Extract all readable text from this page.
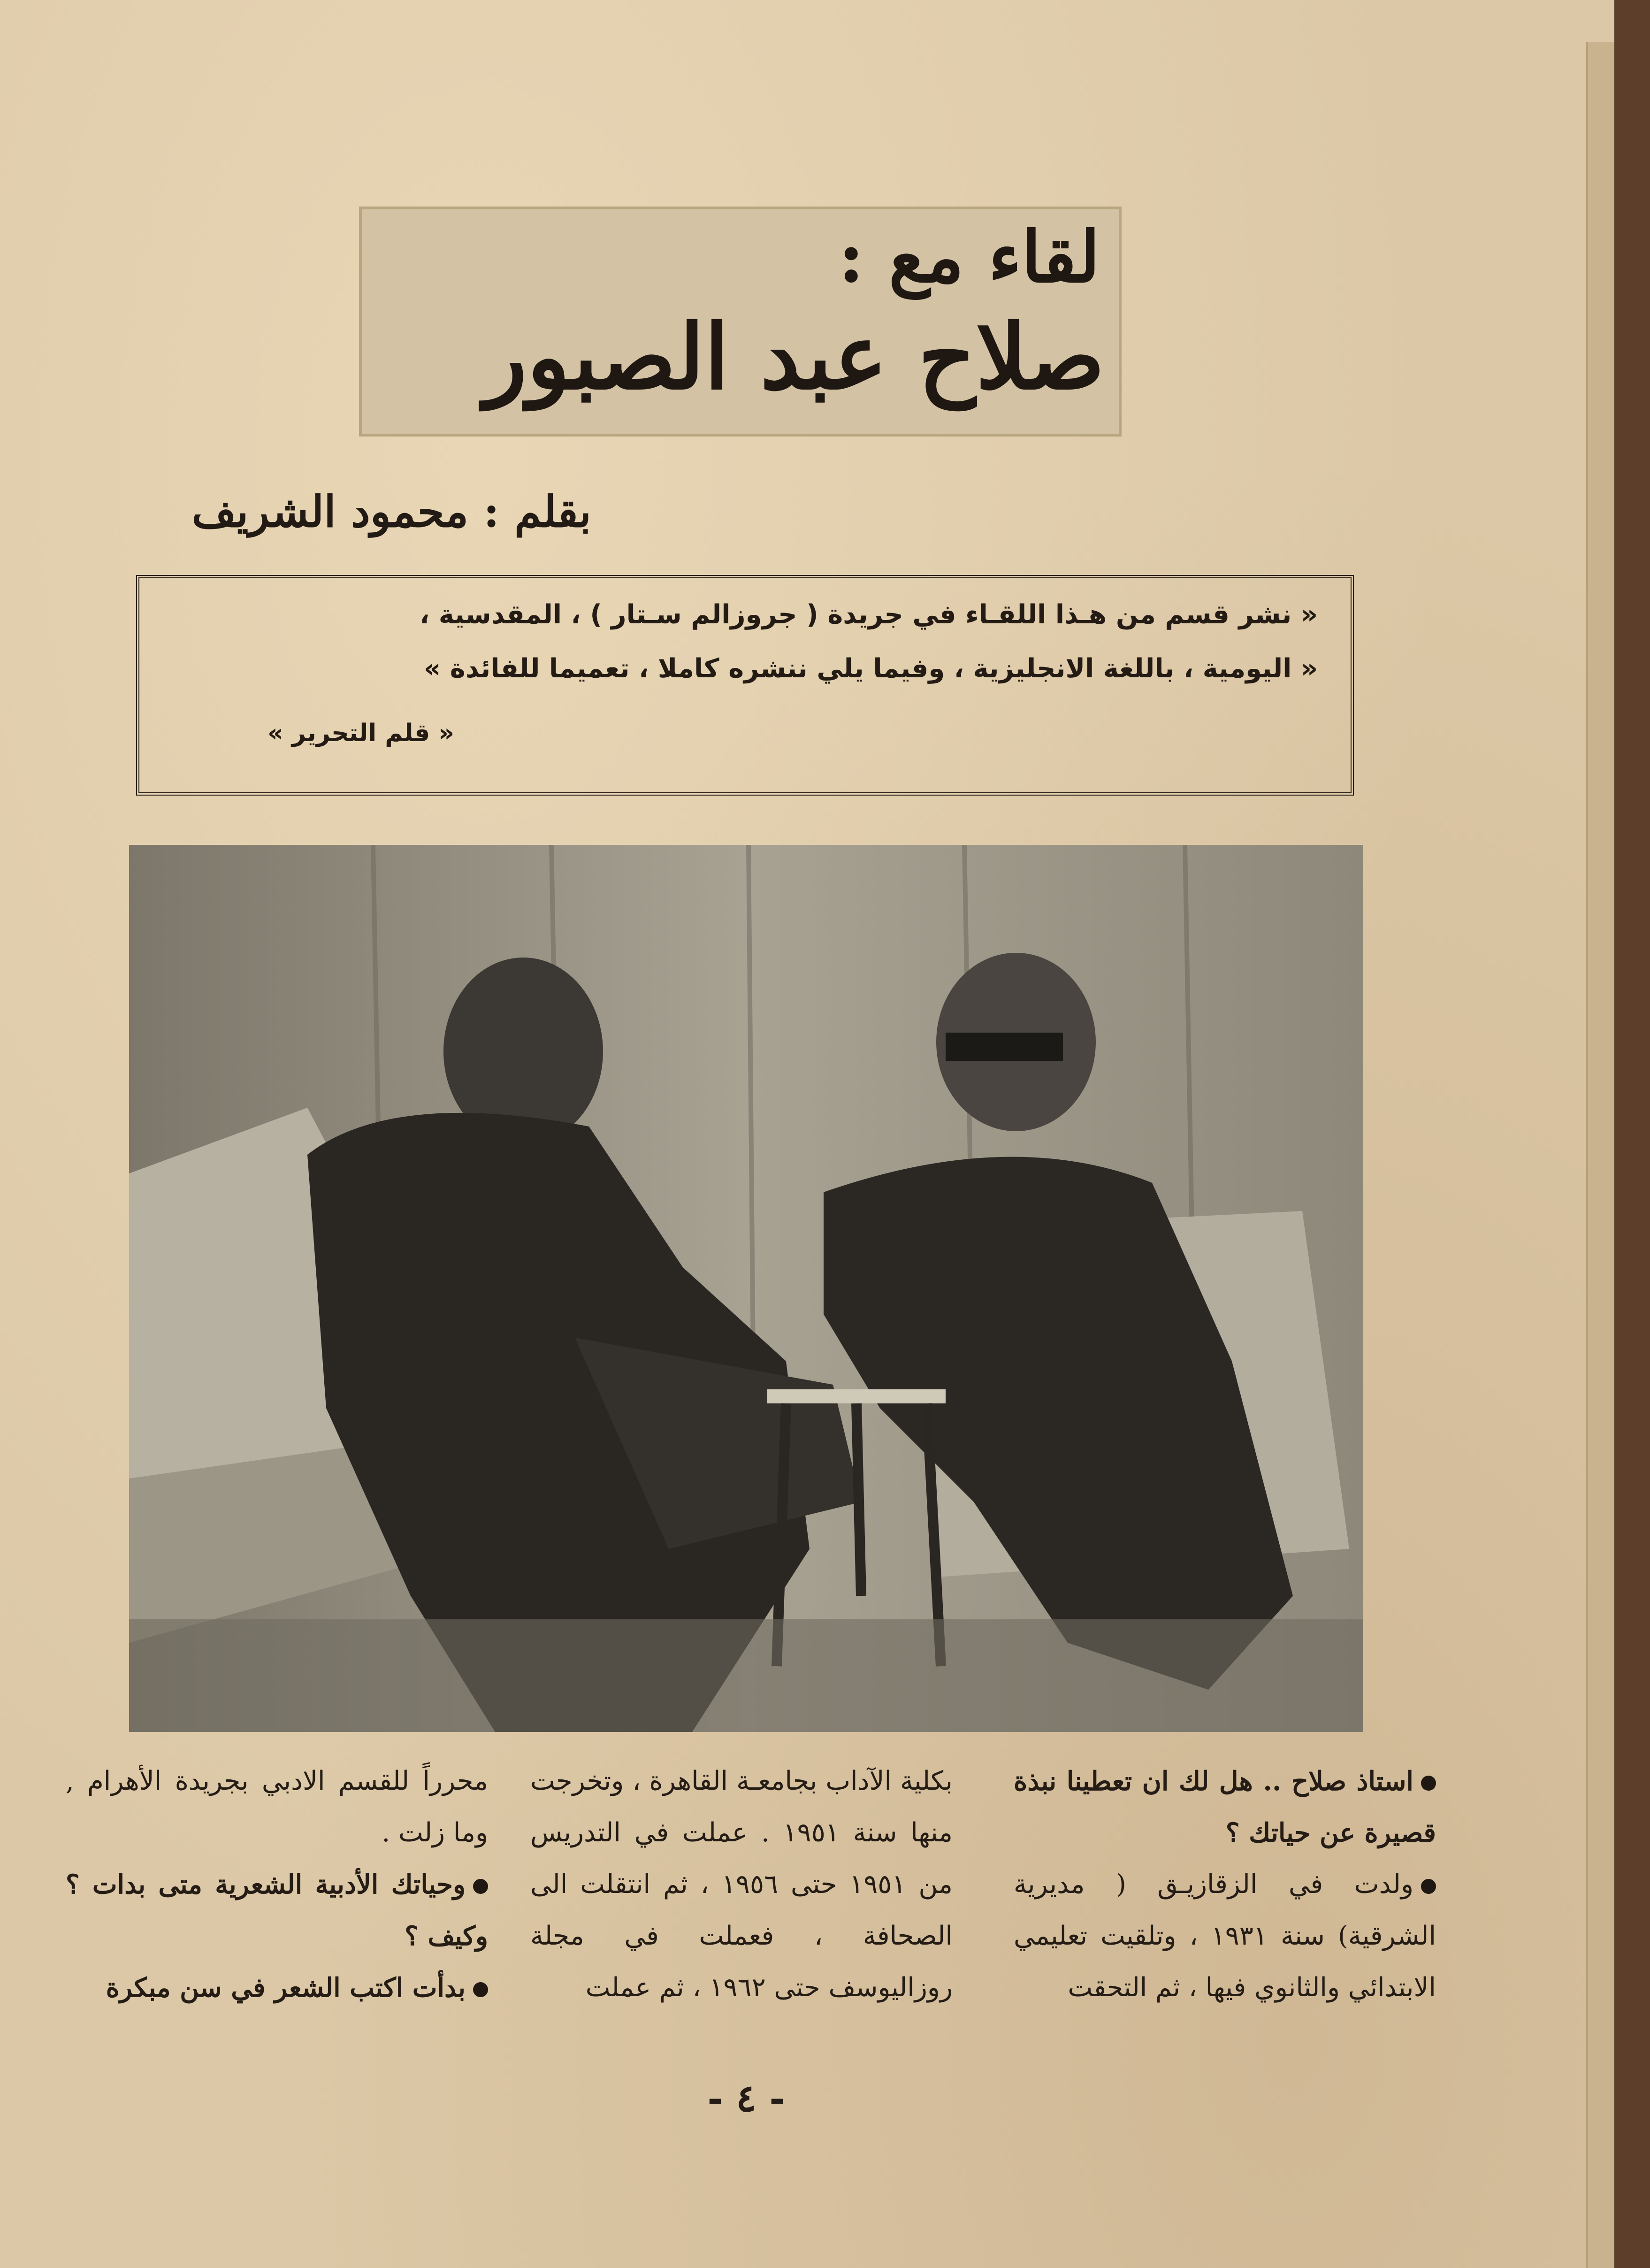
لقاء مع :
صلاح عبد الصبور
بقلم : محمود الشريف
« نشر قسم من هـذا اللقـاء في جريدة ( جروزالم سـتار ) ، المقدسية ،
« اليومية ، باللغة الانجليزية ، وفيما يلي ننشره كاملا ، تعميما للفائدة »
« قلم التحرير »

استاذ صلاح .. هل لك ان تعطينا نبذة قصيرة عن حياتك ؟

ولدت في الزقازيـق ( مديرية الشرقية) سنة ١٩٣١ ، وتلقيت تعليمي الابتدائي والثانوي فيها ، ثم التحقت

بكلية الآداب بجامعـة القاهرة ، وتخرجت منها سنة ١٩٥١ . عملت في التدريس من ١٩٥١ حتى ١٩٥٦ ، ثم انتقلت الى الصحافة ، فعملت في مجلة روزاليوسف حتى ١٩٦٢ ، ثم عملت

محرراً للقسم الادبي بجريدة الأهرام , وما زلت .

وحياتك الأدبية الشعرية متى بدات ؟ وكيف ؟

بدأت اكتب الشعر في سن مبكرة

- ٤ -
